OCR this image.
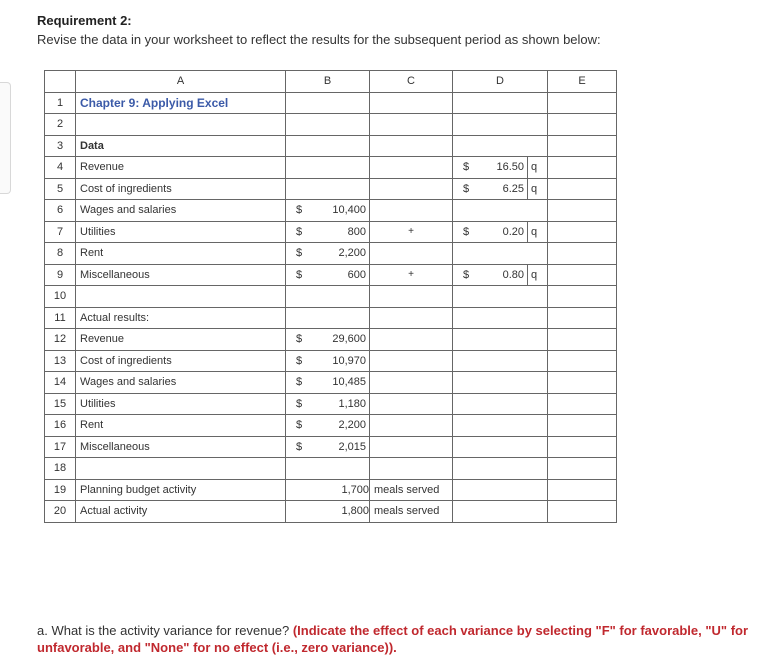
Requirement 2:
Revise the data in your worksheet to reflect the results for the subsequent period as shown below:
	A	B	C	D	E
1	Chapter 9: Applying Excel				
2					
3	Data				
4	Revenue			$ 16.50 q	

5	Cost of ingredients			$ 6.25 q	

6	Wages and salaries	$ 10,400			

7	Utilities	$ 800	+	$ 0.20 q	

8	Rent	$ 2,200			

9	Miscellaneous	$ 600	+	$ 0.80 q	

10					
11	Actual results:				
12	Revenue	$ 29,600			

13	Cost of ingredients	$ 10,970			

14	Wages and salaries	$ 10,485			

15	Utilities	$ 1,180			

16	Rent	$ 2,200			

17	Miscellaneous	$ 2,015			

18					
19	Planning budget activity	1,700	meals served		
20	Actual activity	1,800	meals served		
a. What is the activity variance for revenue? (Indicate the effect of each variance by selecting "F" for favorable, "U" for unfavorable, and "None" for no effect (i.e., zero variance)).
